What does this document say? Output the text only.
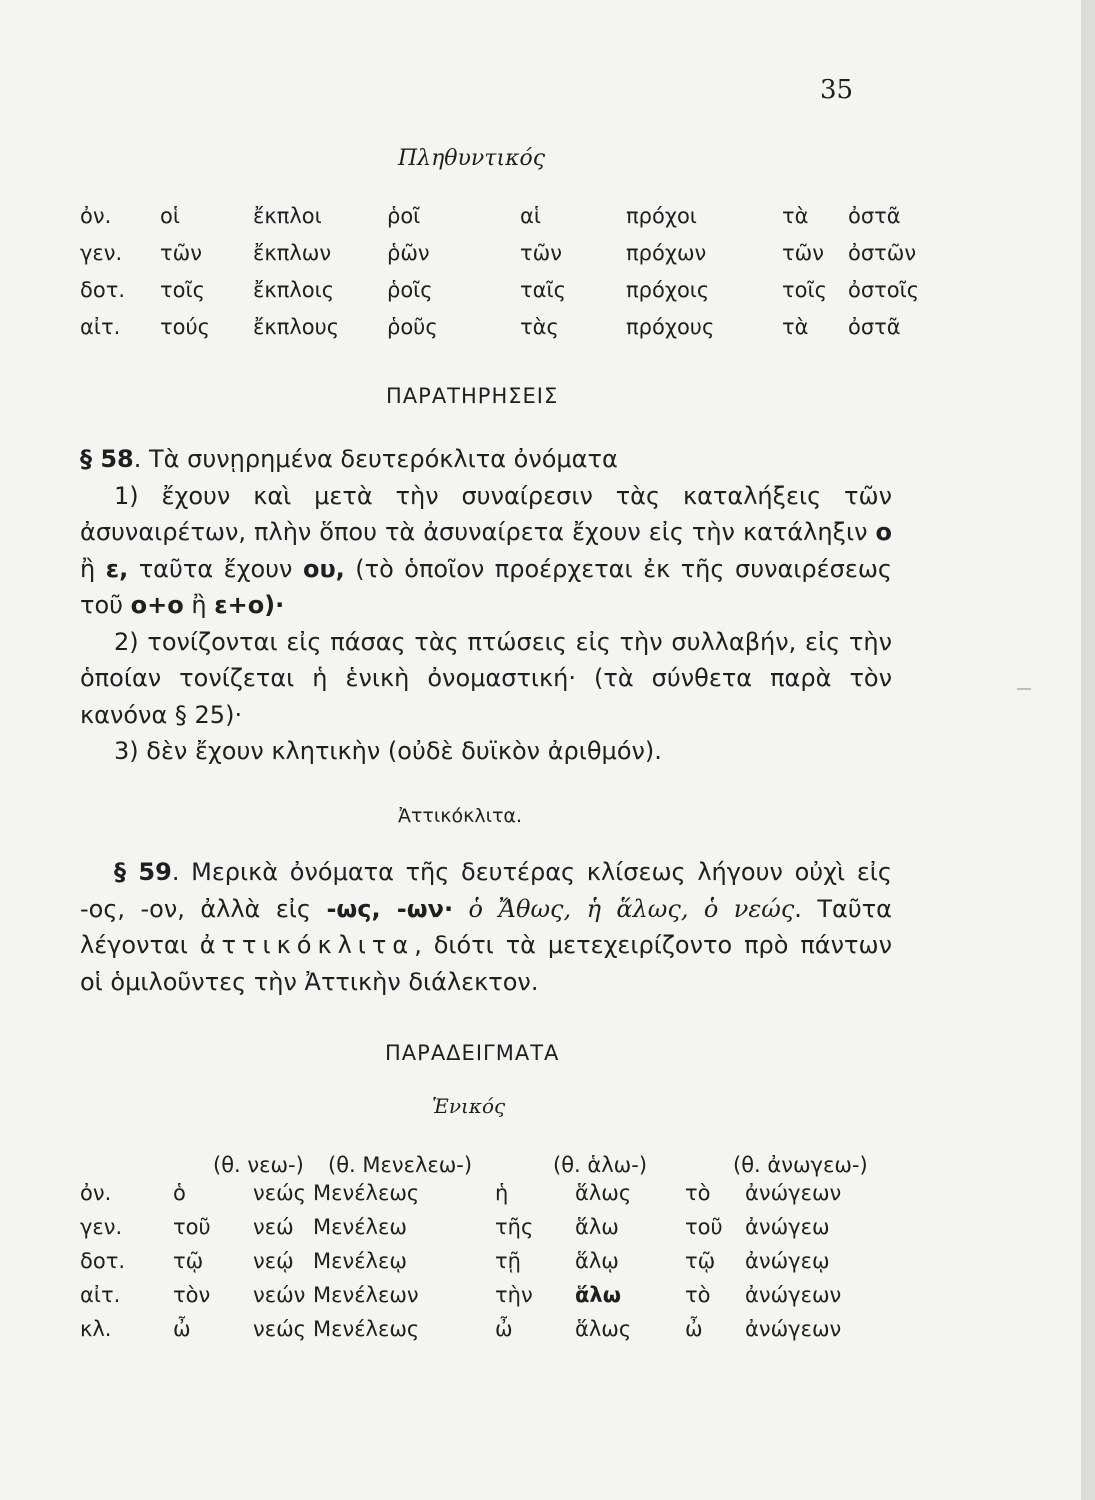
35
Πληθυντικός
ὀν.	οἱ	ἔκπλοι	ῥοῖ	αἱ	πρόχοι	τὰ	ὀστᾶ
γεν.	τῶν	ἔκπλων	ῥῶν	τῶν	πρόχων	τῶν	ὀστῶν
δοτ.	τοῖς	ἔκπλοις	ῥοῖς	ταῖς	πρόχοις	τοῖς	ὀστοῖς
αἰτ.	τούς	ἔκπλους	ῥοῦς	τὰς	πρόχους	τὰ	ὀστᾶ
ΠΑΡΑΤΗΡΗΣΕΙΣ

§ 58. Τὰ συνῃρημένα δευτερόκλιτα ὀνόματα

1) ἔχουν καὶ μετὰ τὴν συναίρεσιν τὰς καταλήξεις τῶν ἀσυναιρέτων, πλὴν ὅπου τὰ ἀσυναίρετα ἔχουν εἰς τὴν κατάληξιν ο ἢ ε, ταῦτα ἔχουν ου, (τὸ ὁποῖον προέρχεται ἐκ τῆς συναιρέσεως τοῦ ο+ο ἢ ε+ο)·

2) τονίζονται εἰς πάσας τὰς πτώσεις εἰς τὴν συλλαβήν, εἰς τὴν ὁποίαν τονίζεται ἡ ἑνικὴ ὀνομαστική· (τὰ σύνθετα παρὰ τὸν κανόνα § 25)·

3) δὲν ἔχουν κλητικὴν (οὐδὲ δυϊκὸν ἀριθμόν).

Ἀττικόκλιτα.

§ 59. Μερικὰ ὀνόματα τῆς δευτέρας κλίσεως λήγουν οὐχὶ εἰς -ος, -ον, ἀλλὰ εἰς -ως, -ων· ὁ Ἄθως, ἡ ἅλως, ὁ νεώς. Ταῦτα λέγονται ἀττικόκλιτα, διότι τὰ μετεχειρίζοντο πρὸ πάντων οἱ ὁμιλοῦντες τὴν Ἀττικὴν διάλεκτον.

ΠΑΡΑΔΕΙΓΜΑΤΑ
Ἑνικός
	(θ. νεω-)	(θ. Μενελεω-)	(θ. ἁλω-)	(θ. ἀνωγεω-)
ὀν.	ὁ	νεώς	Μενέλεως	ἡ	ἅλως	τὸ	ἀνώγεων
γεν.	τοῦ	νεώ	Μενέλεω	τῆς	ἅλω	τοῦ	ἀνώγεω
δοτ.	τῷ	νεῴ	Μενέλεῳ	τῇ	ἅλῳ	τῷ	ἀνώγεῳ
αἰτ.	τὸν	νεών	Μενέλεων	τὴν	ἅλω	τὸ	ἀνώγεων
κλ.	ὦ	νεώς	Μενέλεως	ὦ	ἅλως	ὦ	ἀνώγεων
